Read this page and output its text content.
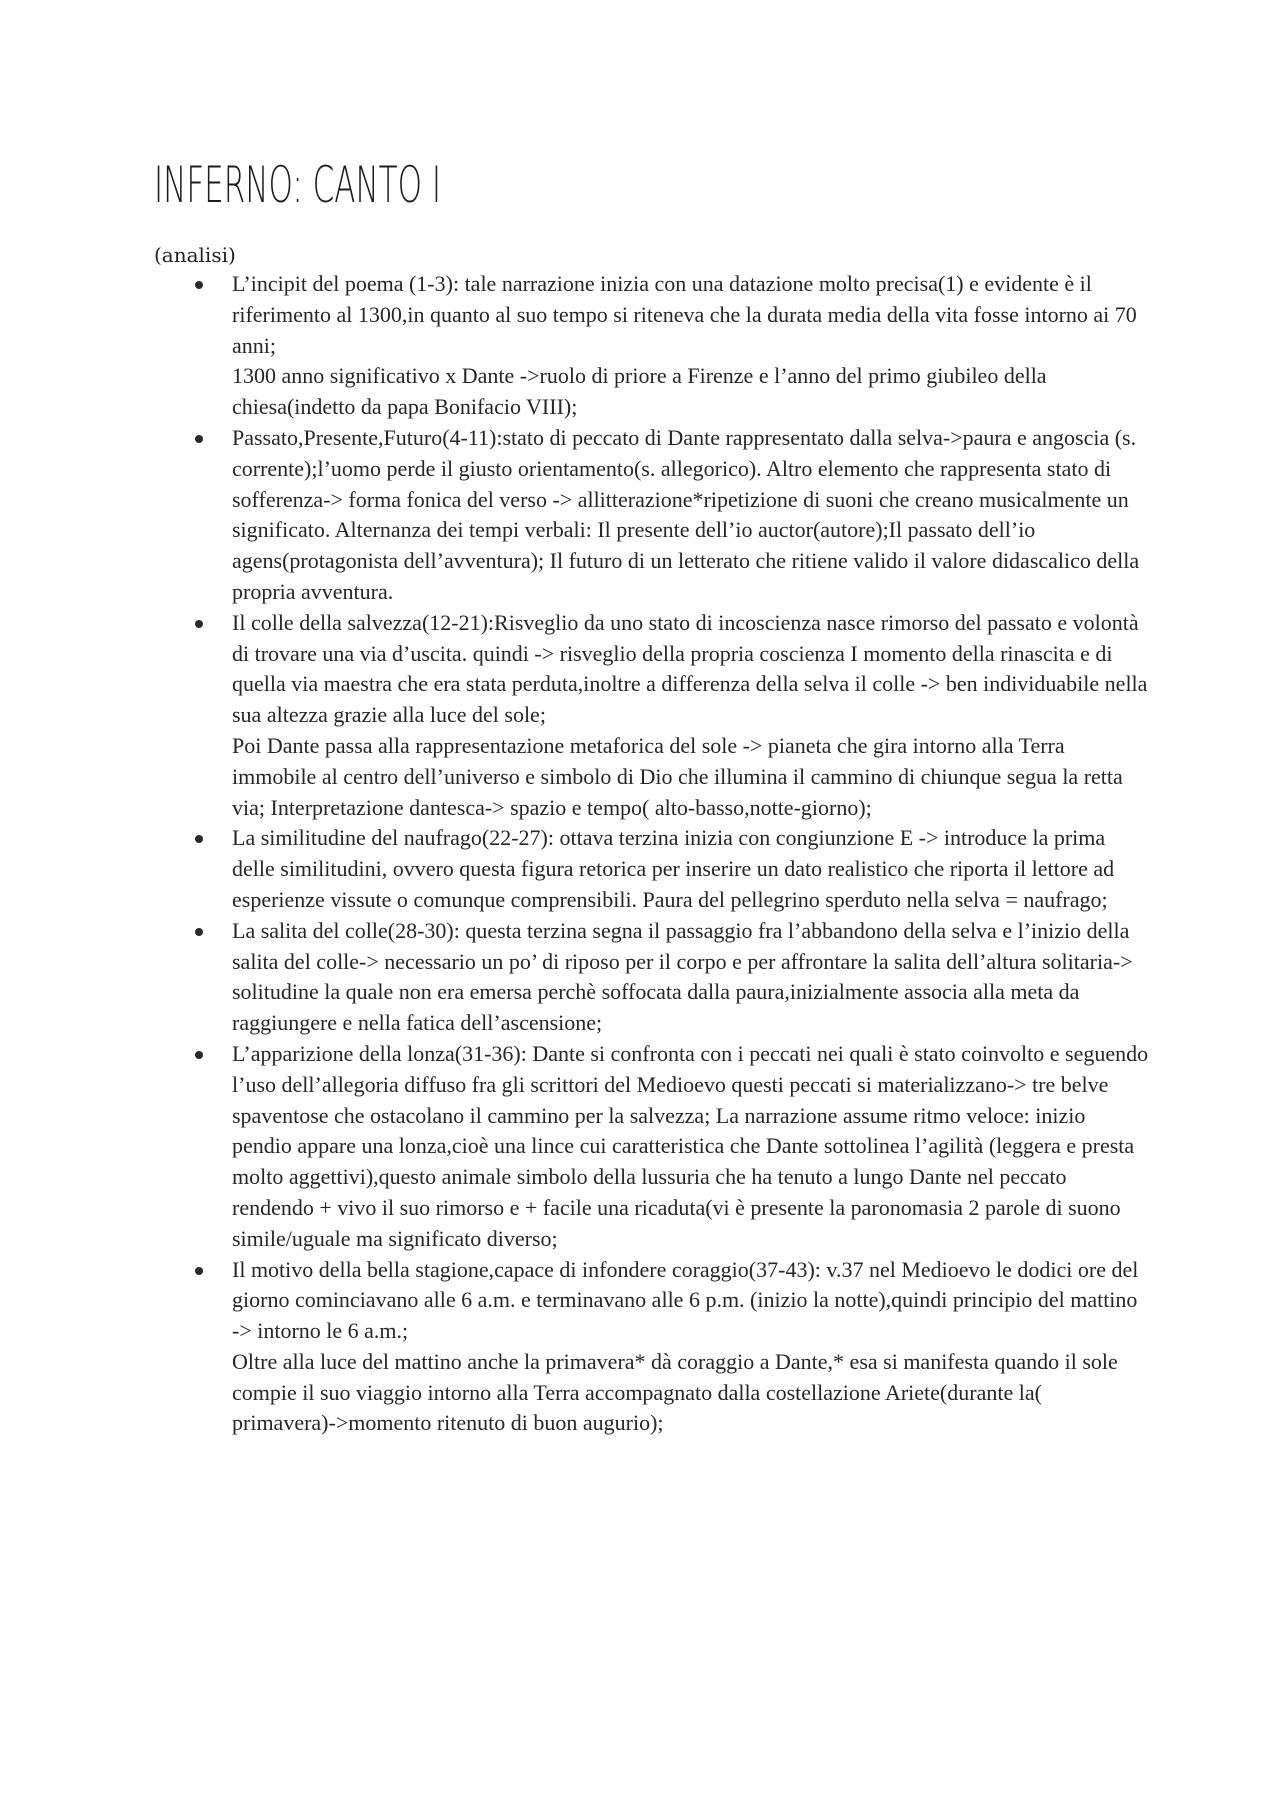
INFERNO: CANTO I
(analisi)

L’incipit del poema (1-3): tale narrazione inizia con una datazione molto precisa(1) e evidente è il riferimento al 1300,in quanto al suo tempo si riteneva che la durata media della vita fosse intorno ai 70 anni;

1300 anno significativo x Dante ->ruolo di priore a Firenze e l’anno del primo giubileo della chiesa(indetto da papa Bonifacio VIII);

Passato,Presente,Futuro(4-11):stato di peccato di Dante rappresentato dalla selva->paura e angoscia (s. corrente);l’uomo perde il giusto orientamento(s. allegorico). Altro elemento che rappresenta stato di sofferenza-> forma fonica del verso -> allitterazione*ripetizione di suoni che creano musicalmente un significato. Alternanza dei tempi verbali: Il presente dell’io auctor(autore);Il passato dell’io agens(protagonista dell’avventura); Il futuro di un letterato che ritiene valido il valore didascalico della propria avventura.

Il colle della salvezza(12-21):Risveglio da uno stato di incoscienza nasce rimorso del passato e volontà di trovare una via d’uscita. quindi -> risveglio della propria coscienza I momento della rinascita e di quella via maestra che era stata perduta,inoltre a differenza della selva il colle -> ben individuabile nella sua altezza grazie alla luce del sole;

Poi Dante passa alla rappresentazione metaforica del sole -> pianeta che gira intorno alla Terra immobile al centro dell’universo e simbolo di Dio che illumina il cammino di chiunque segua la retta via; Interpretazione dantesca-> spazio e tempo( alto-basso,notte-giorno);

La similitudine del naufrago(22-27): ottava terzina inizia con congiunzione E -> introduce la prima delle similitudini, ovvero questa figura retorica per inserire un dato realistico che riporta il lettore ad esperienze vissute o comunque comprensibili. Paura del pellegrino sperduto nella selva = naufrago;

La salita del colle(28-30): questa terzina segna il passaggio fra l’abbandono della selva e l’inizio della salita del colle-> necessario un po’ di riposo per il corpo e per affrontare la salita dell’altura solitaria-> solitudine la quale non era emersa perchè soffocata dalla paura,inizialmente associa alla meta da raggiungere e nella fatica dell’ascensione;

L’apparizione della lonza(31-36): Dante si confronta con i peccati nei quali è stato coinvolto e seguendo l’uso dell’allegoria diffuso fra gli scrittori del Medioevo questi peccati si materializzano-> tre belve spaventose che ostacolano il cammino per la salvezza; La narrazione assume ritmo veloce: inizio pendio appare una lonza,cioè una lince cui caratteristica che Dante sottolinea l’agilità (leggera e presta molto aggettivi),questo animale simbolo della lussuria che ha tenuto a lungo Dante nel peccato rendendo + vivo il suo rimorso e + facile una ricaduta(vi è presente la paronomasia 2 parole di suono simile/uguale ma significato diverso;

Il motivo della bella stagione,capace di infondere coraggio(37-43): v.37 nel Medioevo le dodici ore del giorno cominciavano alle 6 a.m. e terminavano alle 6 p.m. (inizio la notte),quindi principio del mattino -> intorno le 6 a.m.;

Oltre alla luce del mattino anche la primavera* dà coraggio a Dante,* esa si manifesta quando il sole compie il suo viaggio intorno alla Terra accompagnato dalla costellazione Ariete(durante la( primavera)->momento ritenuto di buon augurio);
